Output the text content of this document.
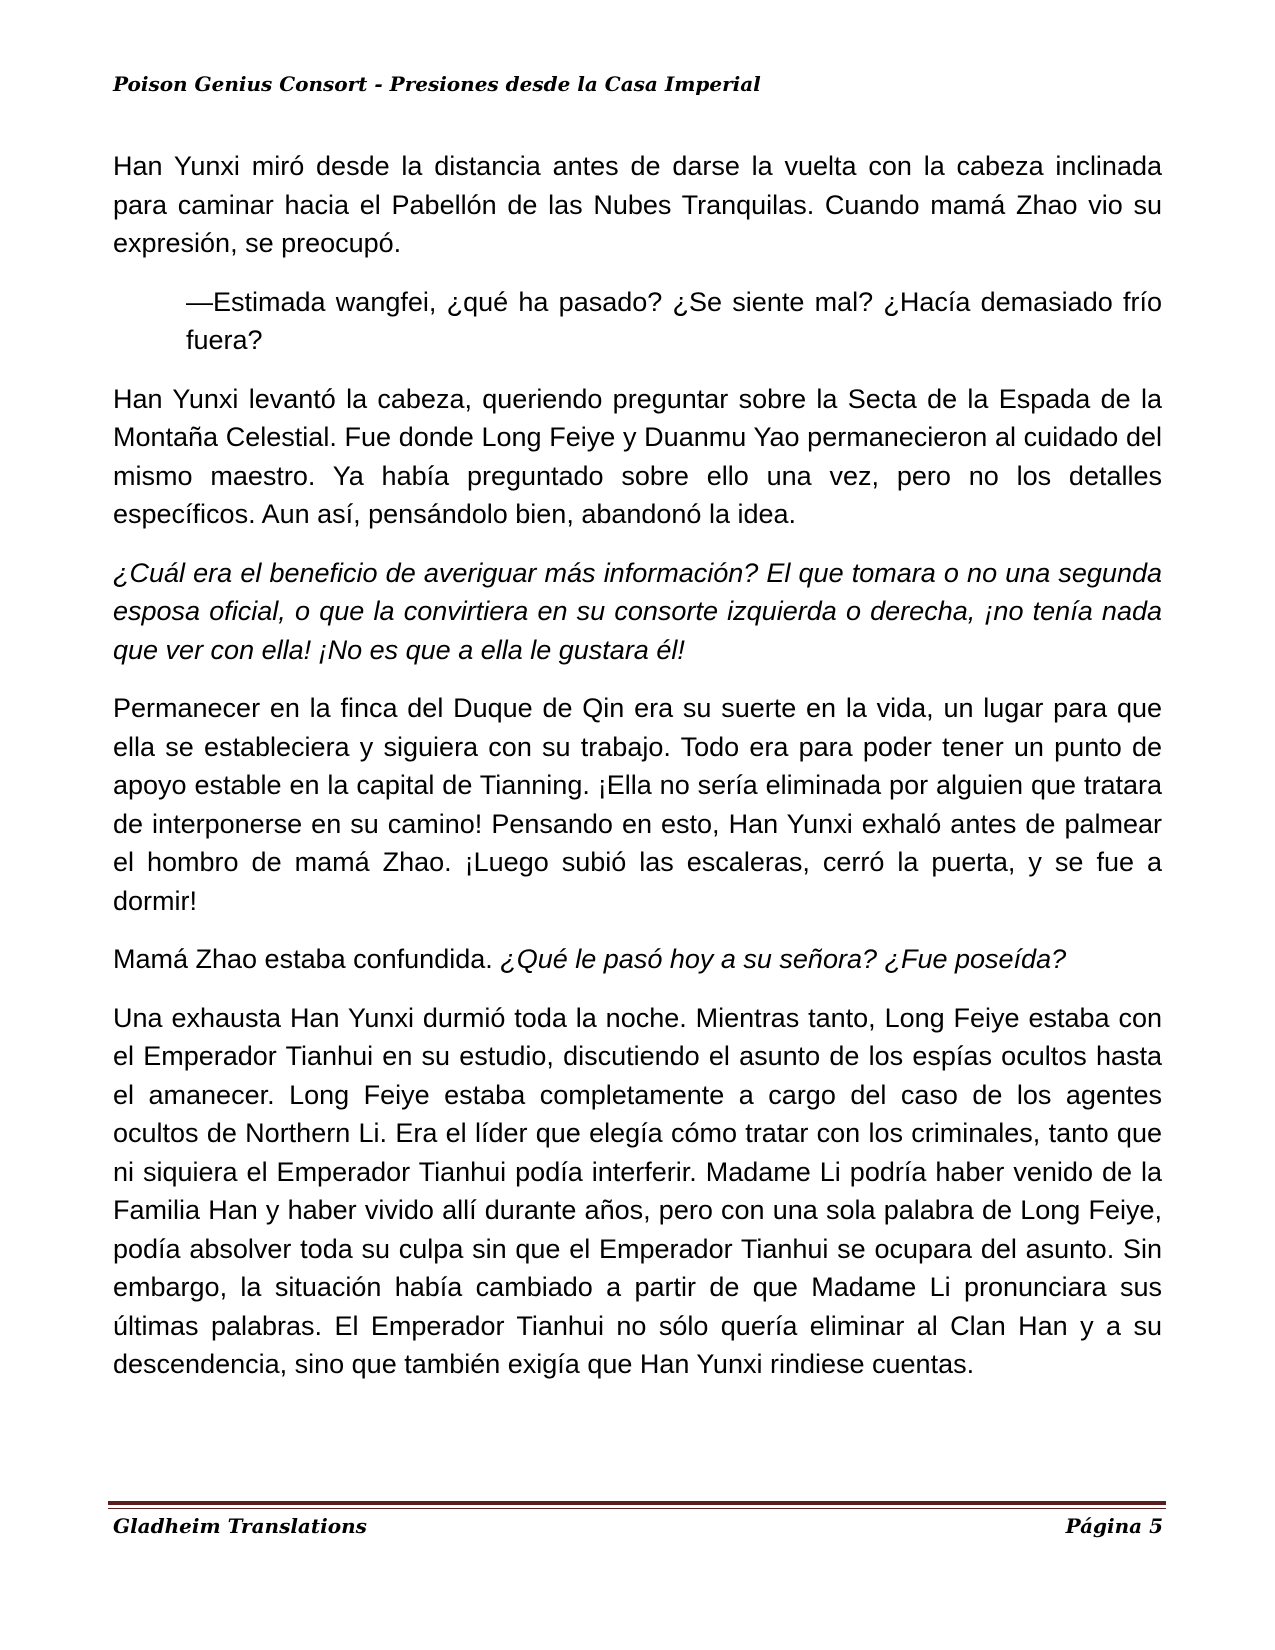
Poison Genius Consort - Presiones desde la Casa Imperial

Han Yunxi miró desde la distancia antes de darse la vuelta con la cabeza inclinada para caminar hacia el Pabellón de las Nubes Tranquilas. Cuando mamá Zhao vio su expresión, se preocupó.

—Estimada wangfei, ¿qué ha pasado? ¿Se siente mal? ¿Hacía demasiado frío fuera?

Han Yunxi levantó la cabeza, queriendo preguntar sobre la Secta de la Espada de la Montaña Celestial. Fue donde Long Feiye y Duanmu Yao permanecieron al cuidado del mismo maestro. Ya había preguntado sobre ello una vez, pero no los detalles específicos. Aun así, pensándolo bien, abandonó la idea.

¿Cuál era el beneficio de averiguar más información? El que tomara o no una segunda esposa oficial, o que la convirtiera en su consorte izquierda o derecha, ¡no tenía nada que ver con ella! ¡No es que a ella le gustara él!

Permanecer en la finca del Duque de Qin era su suerte en la vida, un lugar para que ella se estableciera y siguiera con su trabajo. Todo era para poder tener un punto de apoyo estable en la capital de Tianning. ¡Ella no sería eliminada por alguien que tratara de interponerse en su camino! Pensando en esto, Han Yunxi exhaló antes de palmear el hombro de mamá Zhao. ¡Luego subió las escaleras, cerró la puerta, y se fue a dormir!

Mamá Zhao estaba confundida. ¿Qué le pasó hoy a su señora? ¿Fue poseída?

Una exhausta Han Yunxi durmió toda la noche. Mientras tanto, Long Feiye estaba con el Emperador Tianhui en su estudio, discutiendo el asunto de los espías ocultos hasta el amanecer. Long Feiye estaba completamente a cargo del caso de los agentes ocultos de Northern Li. Era el líder que elegía cómo tratar con los criminales, tanto que ni siquiera el Emperador Tianhui podía interferir. Madame Li podría haber venido de la Familia Han y haber vivido allí durante años, pero con una sola palabra de Long Feiye, podía absolver toda su culpa sin que el Emperador Tianhui se ocupara del asunto. Sin embargo, la situación había cambiado a partir de que Madame Li pronunciara sus últimas palabras. El Emperador Tianhui no sólo quería eliminar al Clan Han y a su descendencia, sino que también exigía que Han Yunxi rindiese cuentas.

Gladheim Translations	Página 5
